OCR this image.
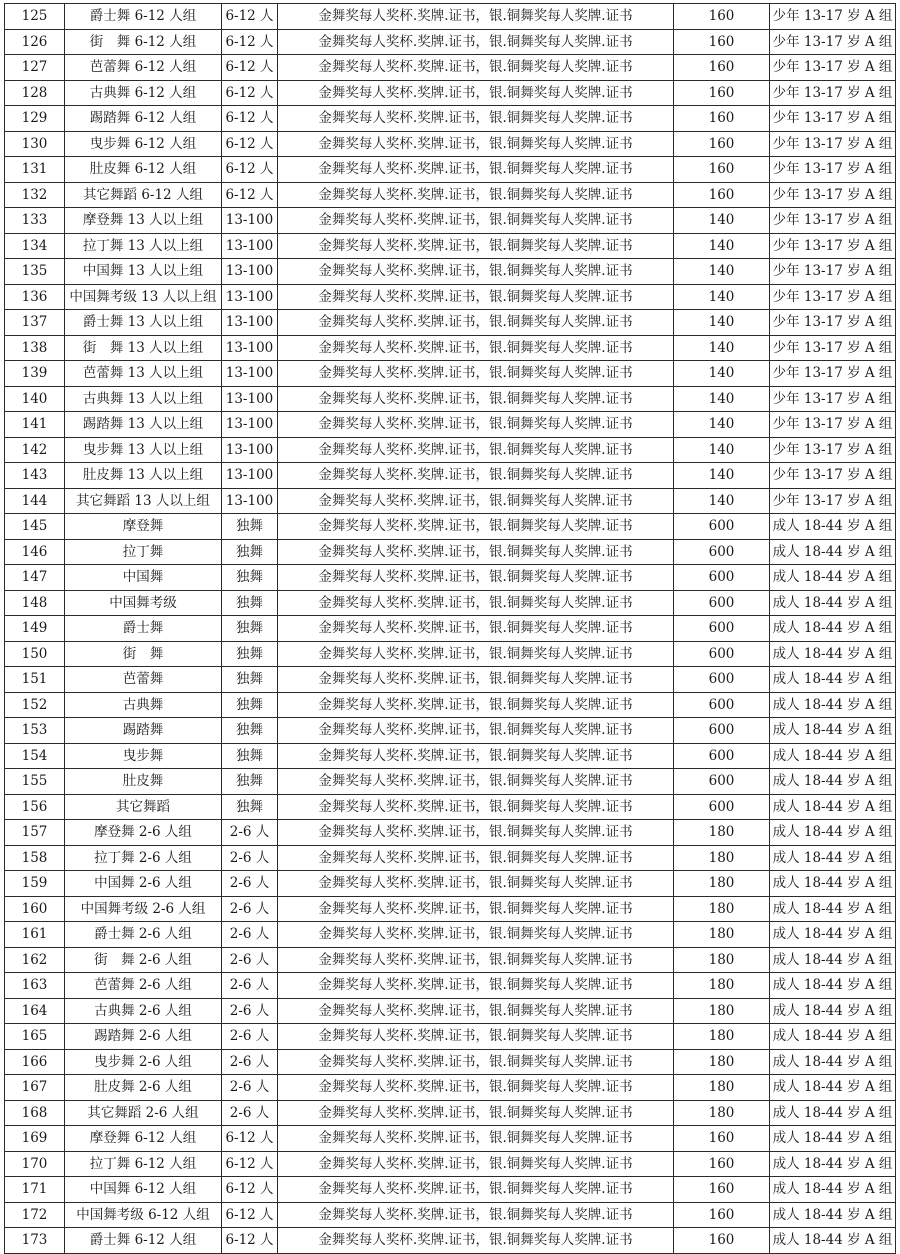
125	爵士舞 6-12 人组	6-12 人	金舞奖每人奖杯.奖牌.证书，银.铜舞奖每人奖牌.证书	160	少年 13-17 岁 A 组
126	街　舞 6-12 人组	6-12 人	金舞奖每人奖杯.奖牌.证书，银.铜舞奖每人奖牌.证书	160	少年 13-17 岁 A 组
127	芭蕾舞 6-12 人组	6-12 人	金舞奖每人奖杯.奖牌.证书，银.铜舞奖每人奖牌.证书	160	少年 13-17 岁 A 组
128	古典舞 6-12 人组	6-12 人	金舞奖每人奖杯.奖牌.证书，银.铜舞奖每人奖牌.证书	160	少年 13-17 岁 A 组
129	踢踏舞 6-12 人组	6-12 人	金舞奖每人奖杯.奖牌.证书，银.铜舞奖每人奖牌.证书	160	少年 13-17 岁 A 组
130	曳步舞 6-12 人组	6-12 人	金舞奖每人奖杯.奖牌.证书，银.铜舞奖每人奖牌.证书	160	少年 13-17 岁 A 组
131	肚皮舞 6-12 人组	6-12 人	金舞奖每人奖杯.奖牌.证书，银.铜舞奖每人奖牌.证书	160	少年 13-17 岁 A 组
132	其它舞蹈 6-12 人组	6-12 人	金舞奖每人奖杯.奖牌.证书，银.铜舞奖每人奖牌.证书	160	少年 13-17 岁 A 组
133	摩登舞 13 人以上组	13-100	金舞奖每人奖杯.奖牌.证书，银.铜舞奖每人奖牌.证书	140	少年 13-17 岁 A 组
134	拉丁舞 13 人以上组	13-100	金舞奖每人奖杯.奖牌.证书，银.铜舞奖每人奖牌.证书	140	少年 13-17 岁 A 组
135	中国舞 13 人以上组	13-100	金舞奖每人奖杯.奖牌.证书，银.铜舞奖每人奖牌.证书	140	少年 13-17 岁 A 组
136	中国舞考级 13 人以上组	13-100	金舞奖每人奖杯.奖牌.证书，银.铜舞奖每人奖牌.证书	140	少年 13-17 岁 A 组
137	爵士舞 13 人以上组	13-100	金舞奖每人奖杯.奖牌.证书，银.铜舞奖每人奖牌.证书	140	少年 13-17 岁 A 组
138	街　舞 13 人以上组	13-100	金舞奖每人奖杯.奖牌.证书，银.铜舞奖每人奖牌.证书	140	少年 13-17 岁 A 组
139	芭蕾舞 13 人以上组	13-100	金舞奖每人奖杯.奖牌.证书，银.铜舞奖每人奖牌.证书	140	少年 13-17 岁 A 组
140	古典舞 13 人以上组	13-100	金舞奖每人奖杯.奖牌.证书，银.铜舞奖每人奖牌.证书	140	少年 13-17 岁 A 组
141	踢踏舞 13 人以上组	13-100	金舞奖每人奖杯.奖牌.证书，银.铜舞奖每人奖牌.证书	140	少年 13-17 岁 A 组
142	曳步舞 13 人以上组	13-100	金舞奖每人奖杯.奖牌.证书，银.铜舞奖每人奖牌.证书	140	少年 13-17 岁 A 组
143	肚皮舞 13 人以上组	13-100	金舞奖每人奖杯.奖牌.证书，银.铜舞奖每人奖牌.证书	140	少年 13-17 岁 A 组
144	其它舞蹈 13 人以上组	13-100	金舞奖每人奖杯.奖牌.证书，银.铜舞奖每人奖牌.证书	140	少年 13-17 岁 A 组
145	摩登舞	独舞	金舞奖每人奖杯.奖牌.证书，银.铜舞奖每人奖牌.证书	600	成人 18-44 岁 A 组
146	拉丁舞	独舞	金舞奖每人奖杯.奖牌.证书，银.铜舞奖每人奖牌.证书	600	成人 18-44 岁 A 组
147	中国舞	独舞	金舞奖每人奖杯.奖牌.证书，银.铜舞奖每人奖牌.证书	600	成人 18-44 岁 A 组
148	中国舞考级	独舞	金舞奖每人奖杯.奖牌.证书，银.铜舞奖每人奖牌.证书	600	成人 18-44 岁 A 组
149	爵士舞	独舞	金舞奖每人奖杯.奖牌.证书，银.铜舞奖每人奖牌.证书	600	成人 18-44 岁 A 组
150	街　舞	独舞	金舞奖每人奖杯.奖牌.证书，银.铜舞奖每人奖牌.证书	600	成人 18-44 岁 A 组
151	芭蕾舞	独舞	金舞奖每人奖杯.奖牌.证书，银.铜舞奖每人奖牌.证书	600	成人 18-44 岁 A 组
152	古典舞	独舞	金舞奖每人奖杯.奖牌.证书，银.铜舞奖每人奖牌.证书	600	成人 18-44 岁 A 组
153	踢踏舞	独舞	金舞奖每人奖杯.奖牌.证书，银.铜舞奖每人奖牌.证书	600	成人 18-44 岁 A 组
154	曳步舞	独舞	金舞奖每人奖杯.奖牌.证书，银.铜舞奖每人奖牌.证书	600	成人 18-44 岁 A 组
155	肚皮舞	独舞	金舞奖每人奖杯.奖牌.证书，银.铜舞奖每人奖牌.证书	600	成人 18-44 岁 A 组
156	其它舞蹈	独舞	金舞奖每人奖杯.奖牌.证书，银.铜舞奖每人奖牌.证书	600	成人 18-44 岁 A 组
157	摩登舞 2-6 人组	2-6 人	金舞奖每人奖杯.奖牌.证书，银.铜舞奖每人奖牌.证书	180	成人 18-44 岁 A 组
158	拉丁舞 2-6 人组	2-6 人	金舞奖每人奖杯.奖牌.证书，银.铜舞奖每人奖牌.证书	180	成人 18-44 岁 A 组
159	中国舞 2-6 人组	2-6 人	金舞奖每人奖杯.奖牌.证书，银.铜舞奖每人奖牌.证书	180	成人 18-44 岁 A 组
160	中国舞考级 2-6 人组	2-6 人	金舞奖每人奖杯.奖牌.证书，银.铜舞奖每人奖牌.证书	180	成人 18-44 岁 A 组
161	爵士舞 2-6 人组	2-6 人	金舞奖每人奖杯.奖牌.证书，银.铜舞奖每人奖牌.证书	180	成人 18-44 岁 A 组
162	街　舞 2-6 人组	2-6 人	金舞奖每人奖杯.奖牌.证书，银.铜舞奖每人奖牌.证书	180	成人 18-44 岁 A 组
163	芭蕾舞 2-6 人组	2-6 人	金舞奖每人奖杯.奖牌.证书，银.铜舞奖每人奖牌.证书	180	成人 18-44 岁 A 组
164	古典舞 2-6 人组	2-6 人	金舞奖每人奖杯.奖牌.证书，银.铜舞奖每人奖牌.证书	180	成人 18-44 岁 A 组
165	踢踏舞 2-6 人组	2-6 人	金舞奖每人奖杯.奖牌.证书，银.铜舞奖每人奖牌.证书	180	成人 18-44 岁 A 组
166	曳步舞 2-6 人组	2-6 人	金舞奖每人奖杯.奖牌.证书，银.铜舞奖每人奖牌.证书	180	成人 18-44 岁 A 组
167	肚皮舞 2-6 人组	2-6 人	金舞奖每人奖杯.奖牌.证书，银.铜舞奖每人奖牌.证书	180	成人 18-44 岁 A 组
168	其它舞蹈 2-6 人组	2-6 人	金舞奖每人奖杯.奖牌.证书，银.铜舞奖每人奖牌.证书	180	成人 18-44 岁 A 组
169	摩登舞 6-12 人组	6-12 人	金舞奖每人奖杯.奖牌.证书，银.铜舞奖每人奖牌.证书	160	成人 18-44 岁 A 组
170	拉丁舞 6-12 人组	6-12 人	金舞奖每人奖杯.奖牌.证书，银.铜舞奖每人奖牌.证书	160	成人 18-44 岁 A 组
171	中国舞 6-12 人组	6-12 人	金舞奖每人奖杯.奖牌.证书，银.铜舞奖每人奖牌.证书	160	成人 18-44 岁 A 组
172	中国舞考级 6-12 人组	6-12 人	金舞奖每人奖杯.奖牌.证书，银.铜舞奖每人奖牌.证书	160	成人 18-44 岁 A 组
173	爵士舞 6-12 人组	6-12 人	金舞奖每人奖杯.奖牌.证书，银.铜舞奖每人奖牌.证书	160	成人 18-44 岁 A 组
